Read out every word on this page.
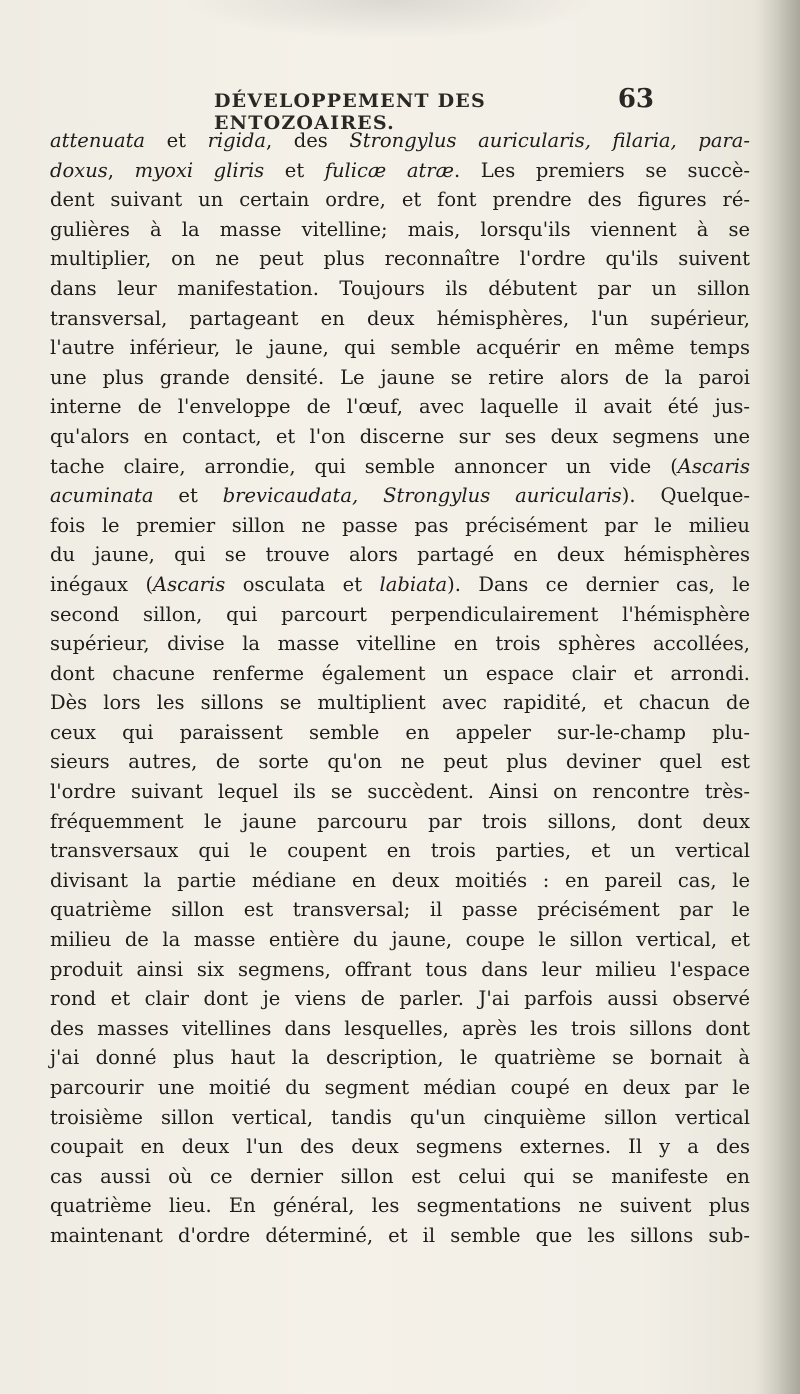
DÉVELOPPEMENT DES ENTOZOAIRES.
63
attenuata et rigida, des Strongylus auricularis, filaria, para-
doxus, myoxi gliris et fulicæ atræ. Les premiers se succè-
dent suivant un certain ordre, et font prendre des figures ré-
gulières à la masse vitelline; mais, lorsqu'ils viennent à se
multiplier, on ne peut plus reconnaître l'ordre qu'ils suivent
dans leur manifestation. Toujours ils débutent par un sillon
transversal, partageant en deux hémisphères, l'un supérieur,
l'autre inférieur, le jaune, qui semble acquérir en même temps
une plus grande densité. Le jaune se retire alors de la paroi
interne de l'enveloppe de l'œuf, avec laquelle il avait été jus-
qu'alors en contact, et l'on discerne sur ses deux segmens une
tache claire, arrondie, qui semble annoncer un vide (Ascaris
acuminata et brevicaudata, Strongylus auricularis). Quelque-
fois le premier sillon ne passe pas précisément par le milieu
du jaune, qui se trouve alors partagé en deux hémisphères
inégaux (Ascaris osculata et labiata). Dans ce dernier cas, le
second sillon, qui parcourt perpendiculairement l'hémisphère
supérieur, divise la masse vitelline en trois sphères accollées,
dont chacune renferme également un espace clair et arrondi.
Dès lors les sillons se multiplient avec rapidité, et chacun de
ceux qui paraissent semble en appeler sur-le-champ plu-
sieurs autres, de sorte qu'on ne peut plus deviner quel est
l'ordre suivant lequel ils se succèdent. Ainsi on rencontre très-
fréquemment le jaune parcouru par trois sillons, dont deux
transversaux qui le coupent en trois parties, et un vertical
divisant la partie médiane en deux moitiés : en pareil cas, le
quatrième sillon est transversal; il passe précisément par le
milieu de la masse entière du jaune, coupe le sillon vertical, et
produit ainsi six segmens, offrant tous dans leur milieu l'espace
rond et clair dont je viens de parler. J'ai parfois aussi observé
des masses vitellines dans lesquelles, après les trois sillons dont
j'ai donné plus haut la description, le quatrième se bornait à
parcourir une moitié du segment médian coupé en deux par le
troisième sillon vertical, tandis qu'un cinquième sillon vertical
coupait en deux l'un des deux segmens externes. Il y a des
cas aussi où ce dernier sillon est celui qui se manifeste en
quatrième lieu. En général, les segmentations ne suivent plus
maintenant d'ordre déterminé, et il semble que les sillons sub-
